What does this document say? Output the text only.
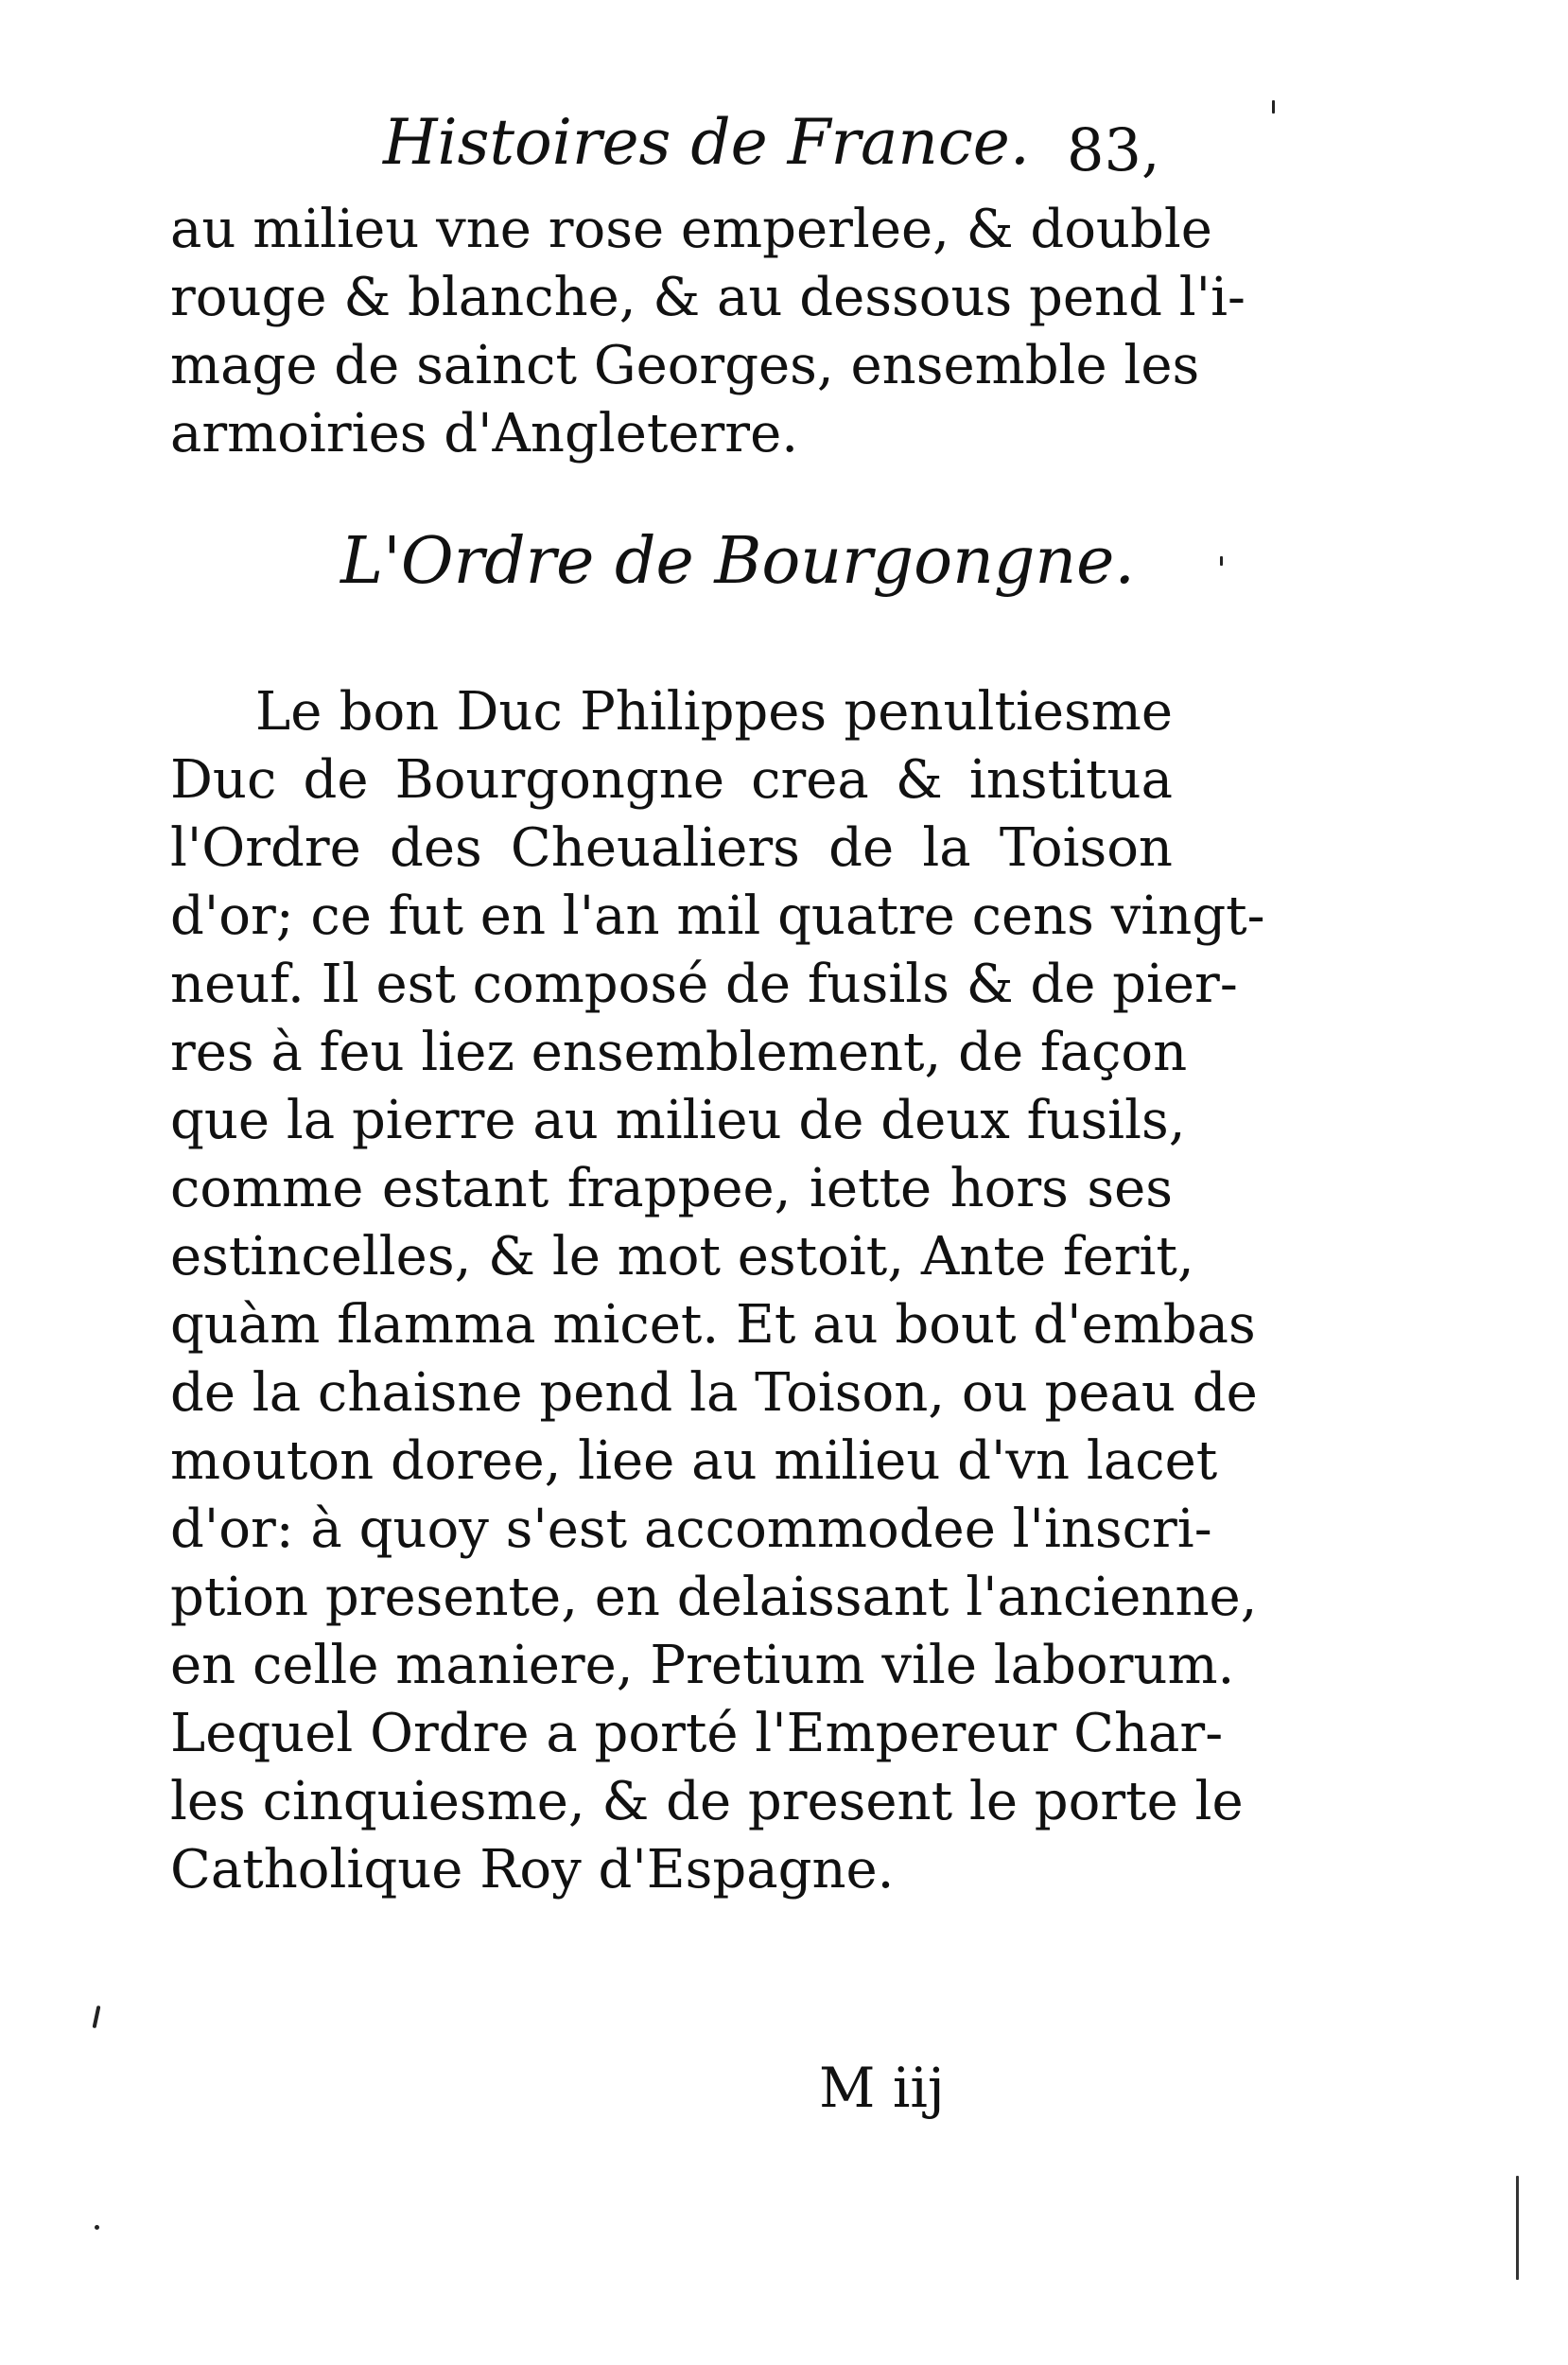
Histoires de France. 83,
au milieu vne rose emperlee, & double
rouge & blanche, & au dessous pend l'i-
mage de sainct Georges, ensemble les
armoiries d'Angleterre.
L'Ordre de Bourgongne.
Le bon Duc Philippes penultiesme
Duc de Bourgongne crea & institua
l'Ordre des Cheualiers de la Toison
d'or; ce fut en l'an mil quatre cens vingt-
neuf. Il est composé de fusils & de pier-
res à feu liez ensemblement, de façon
que la pierre au milieu de deux fusils,
comme estant frappee, iette hors ses
estincelles, & le mot estoit, Ante ferit,
quàm flamma micet. Et au bout d'embas
de la chaisne pend la Toison, ou peau de
mouton doree, liee au milieu d'vn lacet
d'or: à quoy s'est accommodee l'inscri-
ption presente, en delaissant l'ancienne,
en celle maniere, Pretium vile laborum.
Lequel Ordre a porté l'Empereur Char-
les cinquiesme, & de present le porte le
Catholique Roy d'Espagne.
M iij
